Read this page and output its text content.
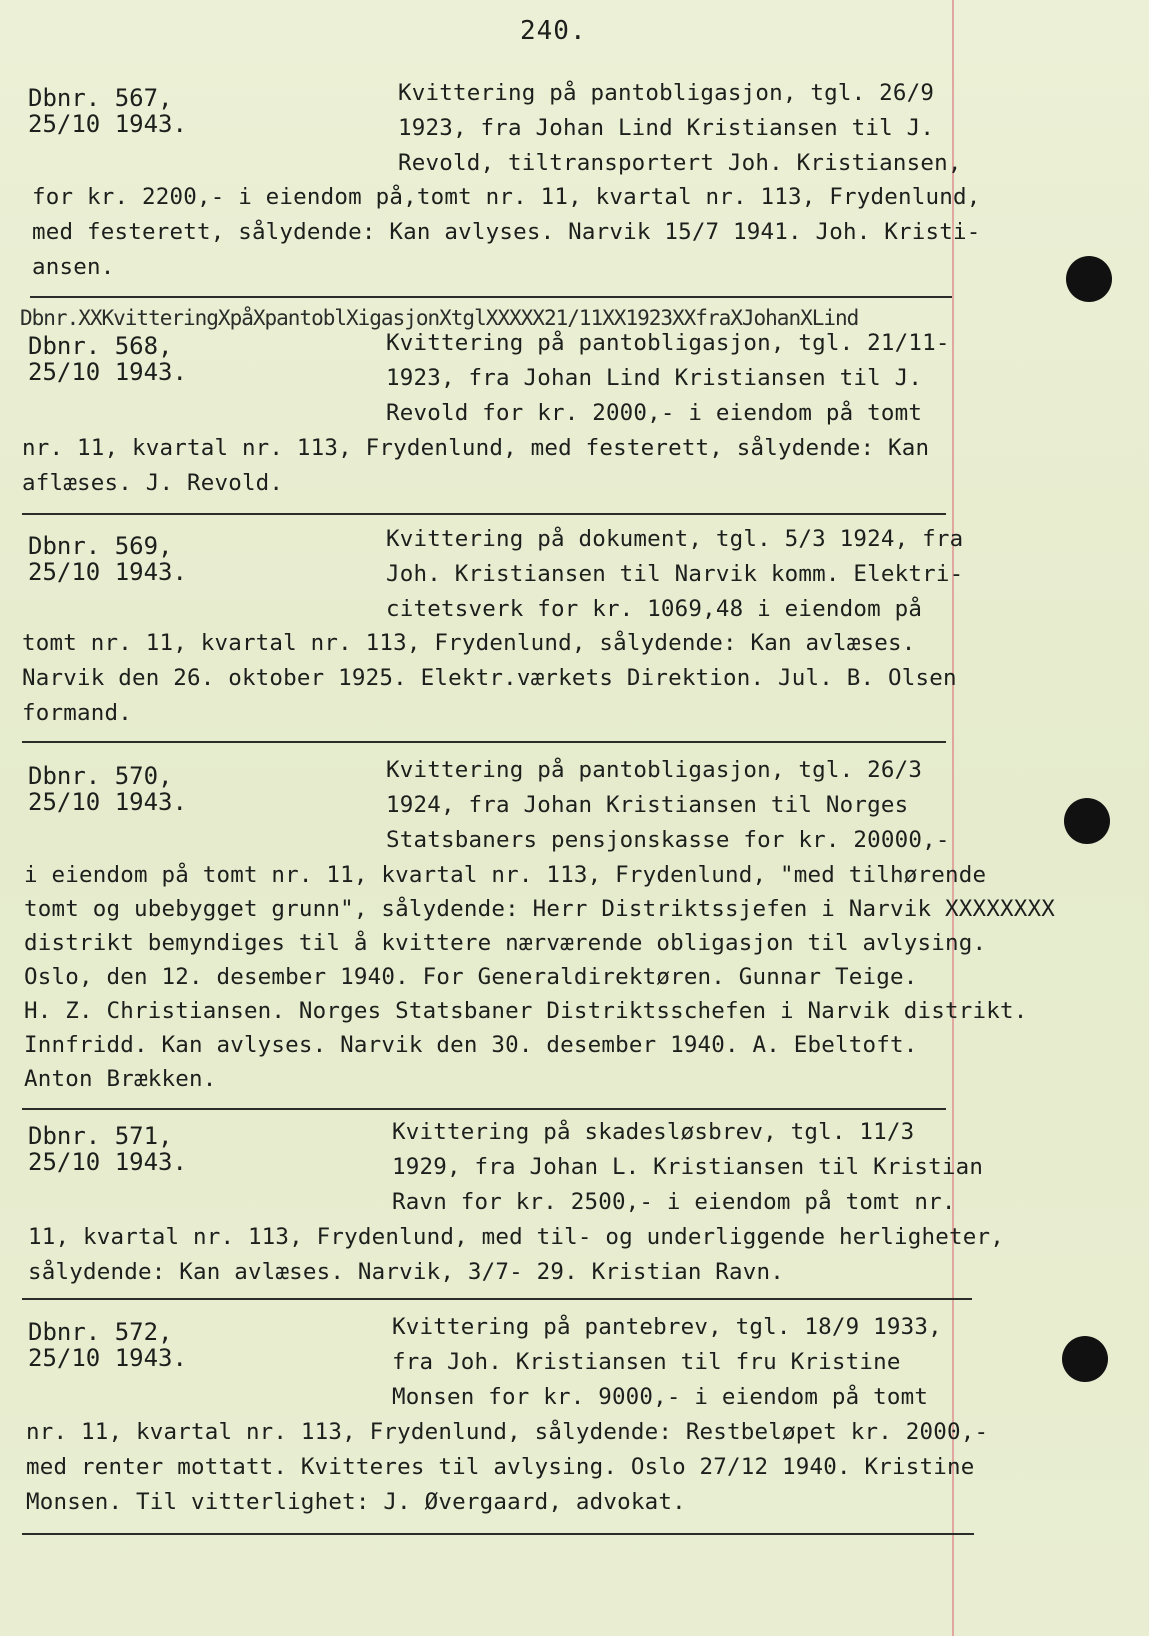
240.
Dbnr. 567,
25/10 1943.
Kvittering på pantobligasjon, tgl. 26/9
1923, fra Johan Lind Kristiansen til J.
Revold, tiltransportert Joh. Kristiansen,
for kr. 2200,- i eiendom på,tomt nr. 11, kvartal nr. 113, Frydenlund,
med festerett, sålydende: Kan avlyses. Narvik 15/7 1941. Joh. Kristi-
ansen.
Dbnr.XXKvitteringXpåXpantoblXigasjonXtglXXXXX21/11XX1923XXfraXJohanXLind
Dbnr. 568,
25/10 1943.
Kvittering på pantobligasjon, tgl. 21/11-
1923, fra Johan Lind Kristiansen til J.
Revold for kr. 2000,- i eiendom på tomt
nr. 11, kvartal nr. 113, Frydenlund, med festerett, sålydende: Kan
aflæses. J. Revold.
Dbnr. 569,
25/10 1943.
Kvittering på dokument, tgl. 5/3 1924, fra
Joh. Kristiansen til Narvik komm. Elektri-
citetsverk for kr. 1069,48 i eiendom på
tomt nr. 11, kvartal nr. 113, Frydenlund, sålydende: Kan avlæses.
Narvik den 26. oktober 1925. Elektr.værkets Direktion. Jul. B. Olsen
formand.
Dbnr. 570,
25/10 1943.
Kvittering på pantobligasjon, tgl. 26/3
1924, fra Johan Kristiansen til Norges
Statsbaners pensjonskasse for kr. 20000,-
i eiendom på tomt nr. 11, kvartal nr. 113, Frydenlund, "med tilhørende
tomt og ubebygget grunn", sålydende: Herr Distriktssjefen i Narvik XXXXXXXX
distrikt bemyndiges til å kvittere nærværende obligasjon til avlysing.
Oslo, den 12. desember 1940. For Generaldirektøren. Gunnar Teige.
H. Z. Christiansen. Norges Statsbaner Distriktsschefen i Narvik distrikt.
Innfridd. Kan avlyses. Narvik den 30. desember 1940. A. Ebeltoft.
Anton Brækken.
Dbnr. 571,
25/10 1943.
Kvittering på skadesløsbrev, tgl. 11/3
1929, fra Johan L. Kristiansen til Kristian
Ravn for kr. 2500,- i eiendom på tomt nr.
11, kvartal nr. 113, Frydenlund, med til- og underliggende herligheter,
sålydende: Kan avlæses. Narvik, 3/7- 29. Kristian Ravn.
Dbnr. 572,
25/10 1943.
Kvittering på pantebrev, tgl. 18/9 1933,
fra Joh. Kristiansen til fru Kristine
Monsen for kr. 9000,- i eiendom på tomt
nr. 11, kvartal nr. 113, Frydenlund, sålydende: Restbeløpet kr. 2000,-
med renter mottatt. Kvitteres til avlysing. Oslo 27/12 1940. Kristine
Monsen. Til vitterlighet: J. Øvergaard, advokat.
